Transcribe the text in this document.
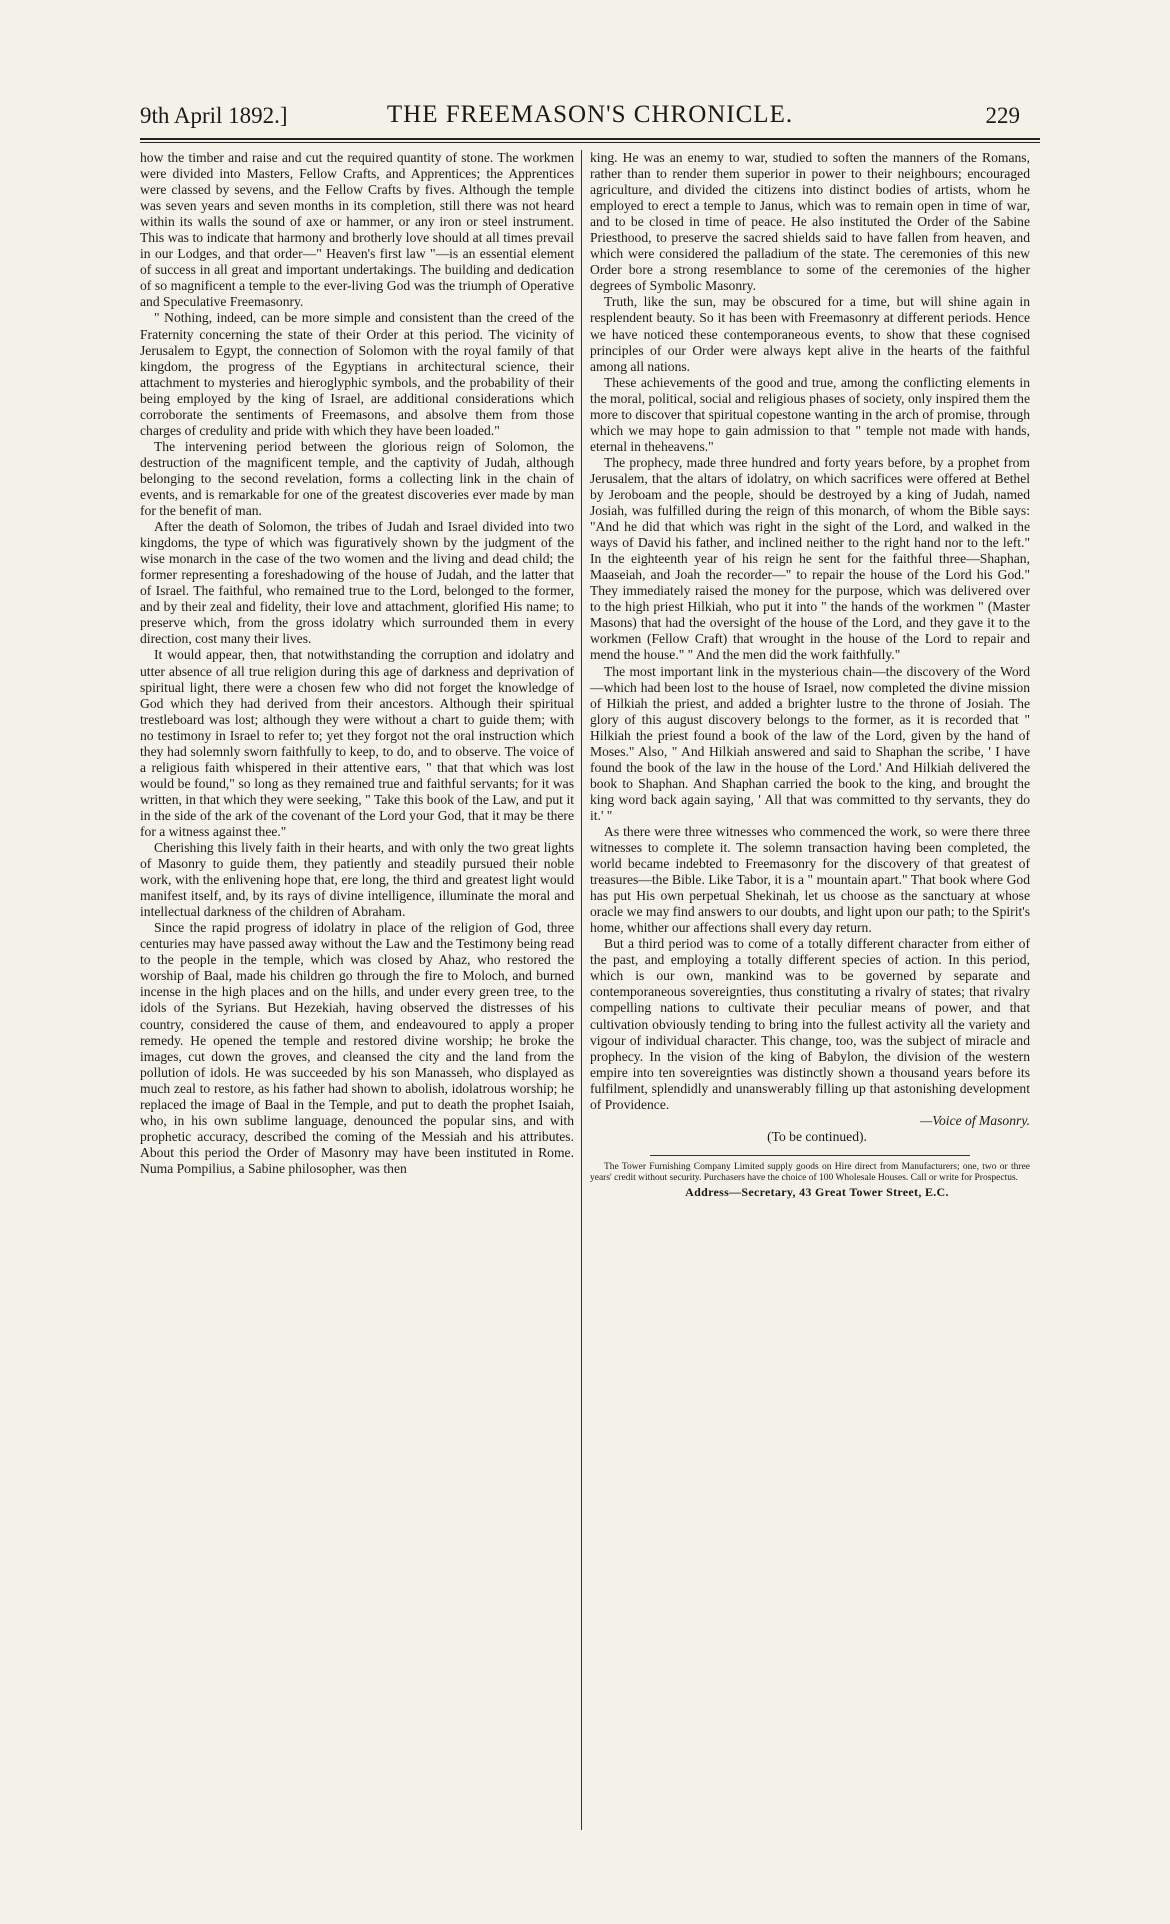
9th April 1892.]	THE FREEMASON'S CHRONICLE.	229

how the timber and raise and cut the required quantity of stone. The workmen were divided into Masters, Fellow Crafts, and Apprentices; the Apprentices were classed by sevens, and the Fellow Crafts by fives. Although the temple was seven years and seven months in its completion, still there was not heard within its walls the sound of axe or hammer, or any iron or steel instrument. This was to indicate that harmony and brotherly love should at all times prevail in our Lodges, and that order—" Heaven's first law "—is an essential element of success in all great and important undertakings. The building and dedication of so magnificent a temple to the ever-living God was the triumph of Operative and Speculative Freemasonry.

" Nothing, indeed, can be more simple and consistent than the creed of the Fraternity concerning the state of their Order at this period. The vicinity of Jerusalem to Egypt, the connection of Solomon with the royal family of that kingdom, the progress of the Egyptians in architectural science, their attachment to mysteries and hieroglyphic symbols, and the probability of their being employed by the king of Israel, are additional considerations which corroborate the sentiments of Freemasons, and absolve them from those charges of credulity and pride with which they have been loaded."

The intervening period between the glorious reign of Solomon, the destruction of the magnificent temple, and the captivity of Judah, although belonging to the second revelation, forms a collecting link in the chain of events, and is remarkable for one of the greatest discoveries ever made by man for the benefit of man.

After the death of Solomon, the tribes of Judah and Israel divided into two kingdoms, the type of which was figuratively shown by the judgment of the wise monarch in the case of the two women and the living and dead child; the former representing a foreshadowing of the house of Judah, and the latter that of Israel. The faithful, who remained true to the Lord, belonged to the former, and by their zeal and fidelity, their love and attachment, glorified His name; to preserve which, from the gross idolatry which surrounded them in every direction, cost many their lives.

It would appear, then, that notwithstanding the corruption and idolatry and utter absence of all true religion during this age of darkness and deprivation of spiritual light, there were a chosen few who did not forget the knowledge of God which they had derived from their ancestors. Although their spiritual trestleboard was lost; although they were without a chart to guide them; with no testimony in Israel to refer to; yet they forgot not the oral instruction which they had solemnly sworn faithfully to keep, to do, and to observe. The voice of a religious faith whispered in their attentive ears, " that that which was lost would be found," so long as they remained true and faithful servants; for it was written, in that which they were seeking, " Take this book of the Law, and put it in the side of the ark of the covenant of the Lord your God, that it may be there for a witness against thee."

Cherishing this lively faith in their hearts, and with only the two great lights of Masonry to guide them, they patiently and steadily pursued their noble work, with the enlivening hope that, ere long, the third and greatest light would manifest itself, and, by its rays of divine intelligence, illuminate the moral and intellectual darkness of the children of Abraham.

Since the rapid progress of idolatry in place of the religion of God, three centuries may have passed away without the Law and the Testimony being read to the people in the temple, which was closed by Ahaz, who restored the worship of Baal, made his children go through the fire to Moloch, and burned incense in the high places and on the hills, and under every green tree, to the idols of the Syrians. But Hezekiah, having observed the distresses of his country, considered the cause of them, and endeavoured to apply a proper remedy. He opened the temple and restored divine worship; he broke the images, cut down the groves, and cleansed the city and the land from the pollution of idols. He was succeeded by his son Manasseh, who displayed as much zeal to restore, as his father had shown to abolish, idolatrous worship; he replaced the image of Baal in the Temple, and put to death the prophet Isaiah, who, in his own sublime language, denounced the popular sins, and with prophetic accuracy, described the coming of the Messiah and his attributes. About this period the Order of Masonry may have been instituted in Rome. Numa Pompilius, a Sabine philosopher, was then

king. He was an enemy to war, studied to soften the manners of the Romans, rather than to render them superior in power to their neighbours; encouraged agriculture, and divided the citizens into distinct bodies of artists, whom he employed to erect a temple to Janus, which was to remain open in time of war, and to be closed in time of peace. He also instituted the Order of the Sabine Priesthood, to preserve the sacred shields said to have fallen from heaven, and which were considered the palladium of the state. The ceremonies of this new Order bore a strong resemblance to some of the ceremonies of the higher degrees of Symbolic Masonry.

Truth, like the sun, may be obscured for a time, but will shine again in resplendent beauty. So it has been with Freemasonry at different periods. Hence we have noticed these contemporaneous events, to show that these cognised principles of our Order were always kept alive in the hearts of the faithful among all nations.

These achievements of the good and true, among the conflicting elements in the moral, political, social and religious phases of society, only inspired them the more to discover that spiritual copestone wanting in the arch of promise, through which we may hope to gain admission to that " temple not made with hands, eternal in theheavens."

The prophecy, made three hundred and forty years before, by a prophet from Jerusalem, that the altars of idolatry, on which sacrifices were offered at Bethel by Jeroboam and the people, should be destroyed by a king of Judah, named Josiah, was fulfilled during the reign of this monarch, of whom the Bible says: "And he did that which was right in the sight of the Lord, and walked in the ways of David his father, and inclined neither to the right hand nor to the left." In the eighteenth year of his reign he sent for the faithful three—Shaphan, Maaseiah, and Joah the recorder—" to repair the house of the Lord his God." They immediately raised the money for the purpose, which was delivered over to the high priest Hilkiah, who put it into " the hands of the workmen " (Master Masons) that had the oversight of the house of the Lord, and they gave it to the workmen (Fellow Craft) that wrought in the house of the Lord to repair and mend the house." " And the men did the work faithfully."

The most important link in the mysterious chain—the discovery of the Word—which had been lost to the house of Israel, now completed the divine mission of Hilkiah the priest, and added a brighter lustre to the throne of Josiah. The glory of this august discovery belongs to the former, as it is recorded that " Hilkiah the priest found a book of the law of the Lord, given by the hand of Moses." Also, " And Hilkiah answered and said to Shaphan the scribe, ' I have found the book of the law in the house of the Lord.' And Hilkiah delivered the book to Shaphan. And Shaphan carried the book to the king, and brought the king word back again saying, ' All that was committed to thy servants, they do it.' "

As there were three witnesses who commenced the work, so were there three witnesses to complete it. The solemn transaction having been completed, the world became indebted to Freemasonry for the discovery of that greatest of treasures—the Bible. Like Tabor, it is a " mountain apart." That book where God has put His own perpetual Shekinah, let us choose as the sanctuary at whose oracle we may find answers to our doubts, and light upon our path; to the Spirit's home, whither our affections shall every day return.

But a third period was to come of a totally different character from either of the past, and employing a totally different species of action. In this period, which is our own, mankind was to be governed by separate and contemporaneous sovereignties, thus constituting a rivalry of states; that rivalry compelling nations to cultivate their peculiar means of power, and that cultivation obviously tending to bring into the fullest activity all the variety and vigour of individual character. This change, too, was the subject of miracle and prophecy. In the vision of the king of Babylon, the division of the western empire into ten sovereignties was distinctly shown a thousand years before its fulfilment, splendidly and unanswerably filling up that astonishing development of Providence.

—Voice of Masonry.

(To be continued).

The Tower Furnishing Company Limited supply goods on Hire direct from Manufacturers; one, two or three years' credit without security. Purchasers have the choice of 100 Wholesale Houses. Call or write for Prospectus.

Address—Secretary, 43 Great Tower Street, E.C.
